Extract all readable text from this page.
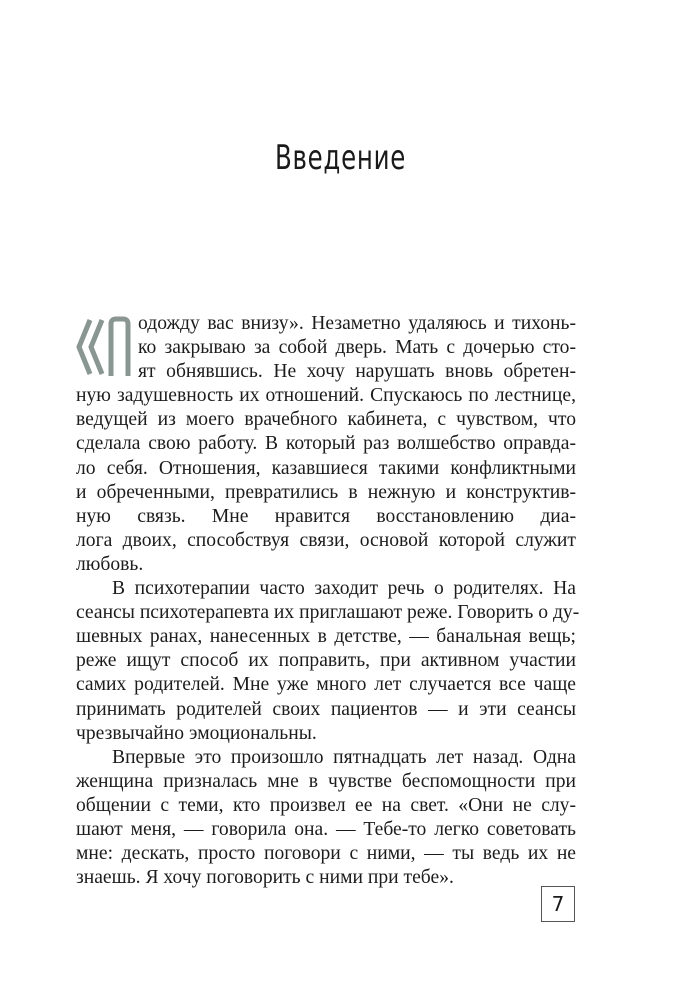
Введение
одожду вас внизу». Незаметно удаляюсь и тихонь-
ко закрываю за собой дверь. Мать с дочерью сто-
ят обнявшись. Не хочу нарушать вновь обретен-
ную задушевность их отношений. Спускаюсь по лестнице,
ведущей из моего врачебного кабинета, с чувством, что
сделала свою работу. В который раз волшебство оправда-
ло себя. Отношения, казавшиеся такими конфликтными
и обреченными, превратились в нежную и конструктив-
ную связь. Мне нравится восстановлению диа-
лога двоих, способствуя связи, основой которой служит
любовь.
В психотерапии часто заходит речь о родителях. На
сеансы психотерапевта их приглашают реже. Говорить о ду-
шевных ранах, нанесенных в детстве, — банальная вещь;
реже ищут способ их поправить, при активном участии
самих родителей. Мне уже много лет случается все чаще
принимать родителей своих пациентов — и эти сеансы
чрезвычайно эмоциональны.
Впервые это произошло пятнадцать лет назад. Одна
женщина призналась мне в чувстве беспомощности при
общении с теми, кто произвел ее на свет. «Они не слу-
шают меня, — говорила она. — Тебе-то легко советовать
мне: дескать, просто поговори с ними, — ты ведь их не
знаешь. Я хочу поговорить с ними при тебе».
7
